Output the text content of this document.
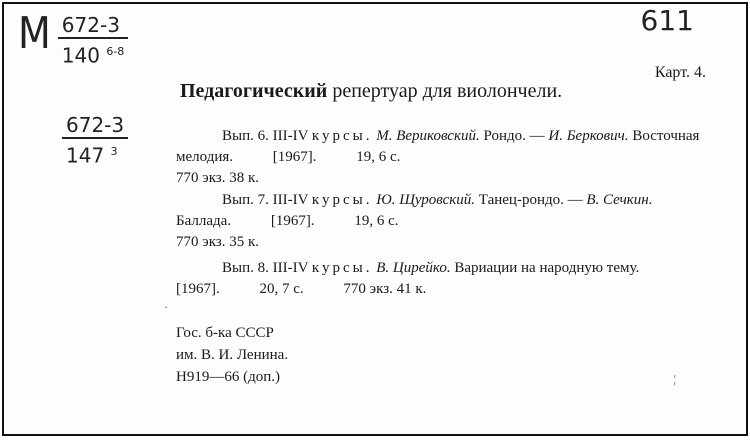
M $\frac{672-3}{140 ^{6-8}}$
$\frac{672-3}{147 ^3}$
611
Карт. 4.
Педагогический репертуар для виолончели.
Вып. 6. III-IV курсы. М. Вериковский. Рондо. — И. Беркович. Восточная мелодия.	[1967].	19, 6 с.
770 экз. 38 к.
Вып. 7. III-IV курсы. Ю. Щуровский. Танец-рондо. — В. Сечкин. Баллада.	[1967].	19, 6 с.
770 экз. 35 к.
Вып. 8. III-IV курсы. В. Цирейко. Вариации на народную тему. [1967].	20, 7 с.	770 экз. 41 к.
Гос. б-ка СССР
им. В. И. Ленина.
Н919—66 (доп.)
·
¦
